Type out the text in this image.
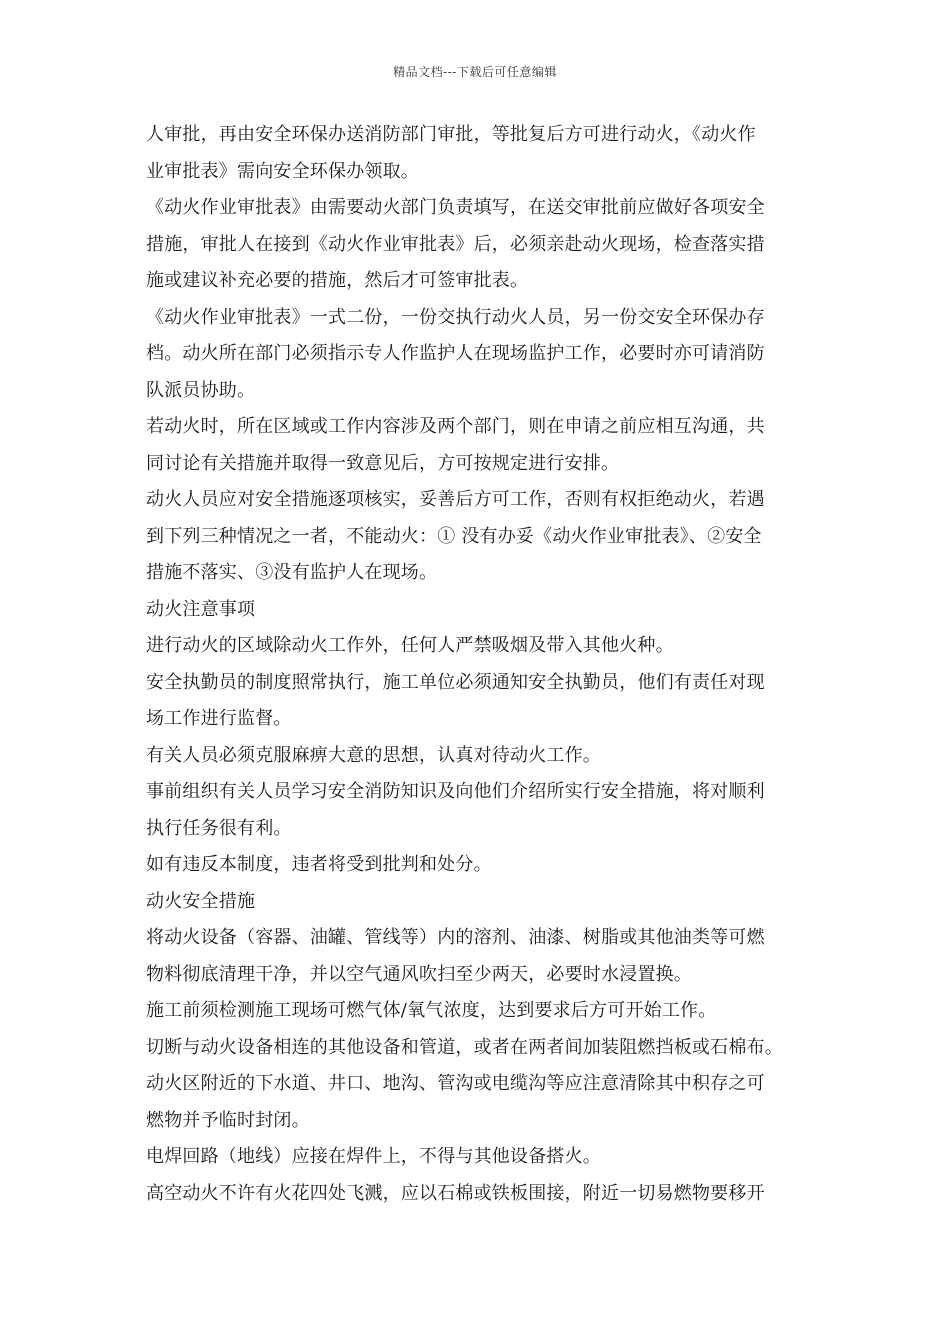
精品文档---下载后可任意编辑

人审批，再由安全环保办送消防部门审批，等批复后方可进行动火，《动火作

业审批表》需向安全环保办领取。

《动火作业审批表》由需要动火部门负责填写，在送交审批前应做好各项安全

措施，审批人在接到《动火作业审批表》后，必须亲赴动火现场，检查落实措

施或建议补充必要的措施，然后才可签审批表。

《动火作业审批表》一式二份，一份交执行动火人员，另一份交安全环保办存

档。动火所在部门必须指示专人作监护人在现场监护工作，必要时亦可请消防

队派员协助。

若动火时，所在区域或工作内容涉及两个部门，则在申请之前应相互沟通，共

同讨论有关措施并取得一致意见后，方可按规定进行安排。

动火人员应对安全措施逐项核实，妥善后方可工作，否则有权拒绝动火，若遇

到下列三种情况之一者，不能动火：① 没有办妥《动火作业审批表》、②安全

措施不落实、③没有监护人在现场。

动火注意事项

进行动火的区域除动火工作外，任何人严禁吸烟及带入其他火种。

安全执勤员的制度照常执行，施工单位必须通知安全执勤员，他们有责任对现

场工作进行监督。

有关人员必须克服麻痹大意的思想，认真对待动火工作。

事前组织有关人员学习安全消防知识及向他们介绍所实行安全措施，将对顺利

执行任务很有利。

如有违反本制度，违者将受到批判和处分。

动火安全措施

将动火设备（容器、油罐、管线等）内的溶剂、油漆、树脂或其他油类等可燃

物料彻底清理干净，并以空气通风吹扫至少两天，必要时水浸置换。

施工前须检测施工现场可燃气体/氧气浓度，达到要求后方可开始工作。

切断与动火设备相连的其他设备和管道，或者在两者间加装阻燃挡板或石棉布。

动火区附近的下水道、井口、地沟、管沟或电缆沟等应注意清除其中积存之可

燃物并予临时封闭。

电焊回路（地线）应接在焊件上，不得与其他设备搭火。

高空动火不许有火花四处飞溅，应以石棉或铁板围接，附近一切易燃物要移开
